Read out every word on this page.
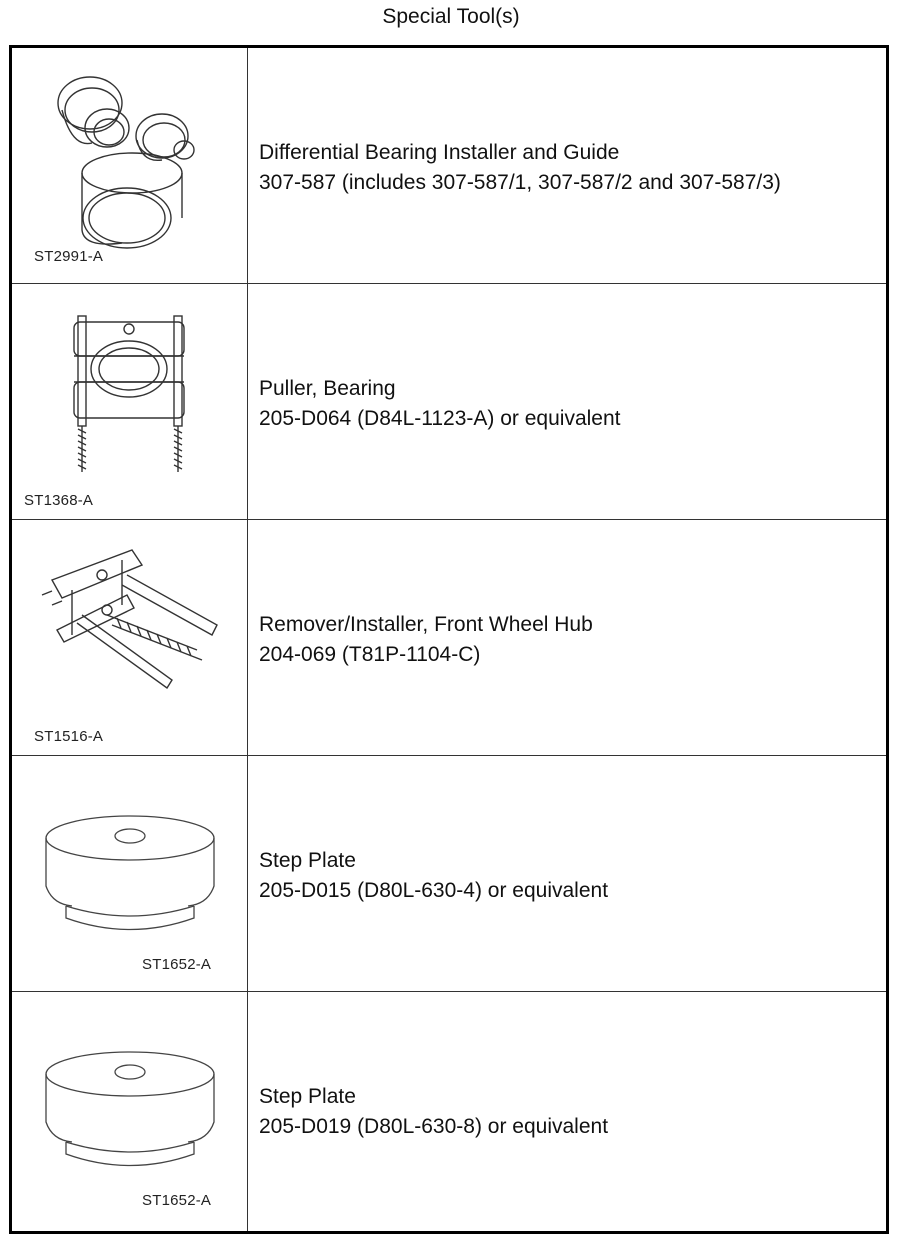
Special Tool(s)
ST2991-A
Differential Bearing Installer and Guide
307-587 (includes 307-587/1, 307-587/2 and 307-587/3)
ST1368-A
Puller, Bearing
205-D064 (D84L-1123-A) or equivalent
ST1516-A
Remover/Installer, Front Wheel Hub
204-069 (T81P-1104-C)
ST1652-A
Step Plate
205-D015 (D80L-630-4) or equivalent
ST1652-A
Step Plate
205-D019 (D80L-630-8) or equivalent
